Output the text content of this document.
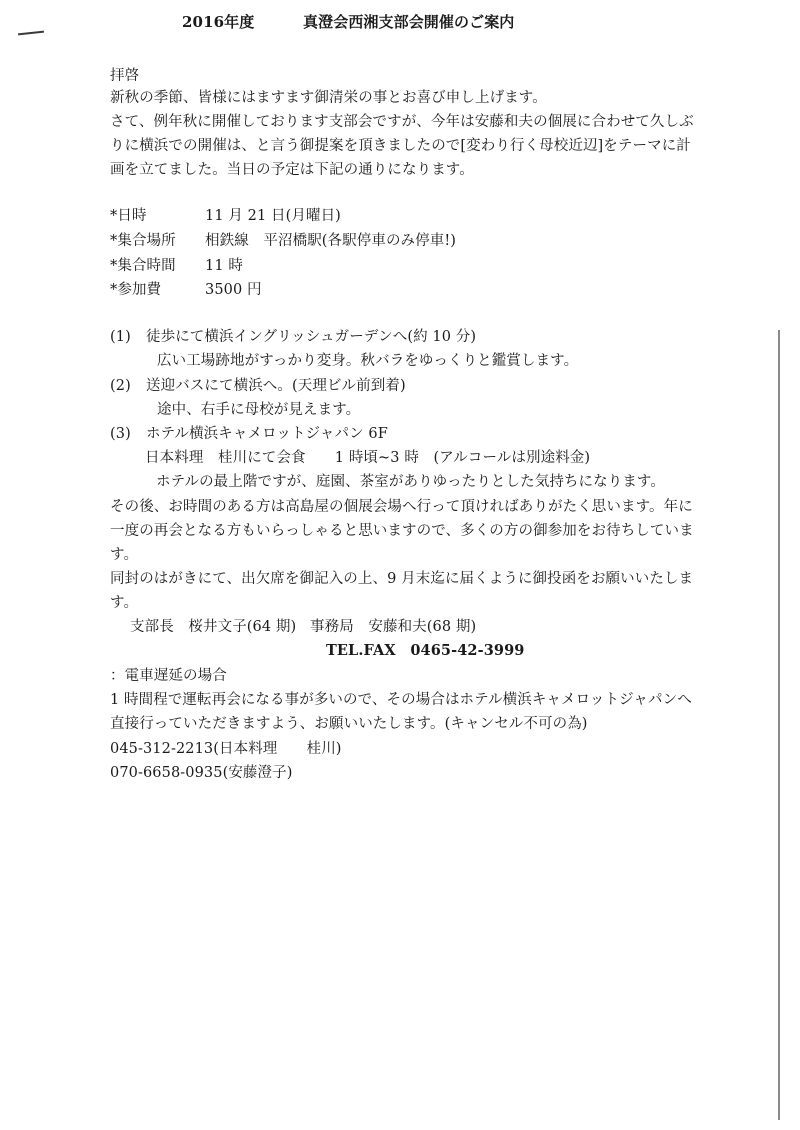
2016年度	真澄会西湘支部会開催のご案内
拝啓
新秋の季節、皆様にはますます御清栄の事とお喜び申し上げます。
さて、例年秋に開催しております支部会ですが、今年は安藤和夫の個展に合わせて久しぶ
りに横浜での開催は、と言う御提案を頂きましたので[変わり行く母校近辺]をテーマに計
画を立てました。当日の予定は下記の通りになります。
*日時	11 月 21 日(月曜日)
*集合場所 相鉄線　平沼橋駅(各駅停車のみ停車!)
*集合時間 11 時
*参加費	3500 円
(1) 徒歩にて横浜イングリッシュガーデンへ(約 10 分)
広い工場跡地がすっかり変身。秋バラをゆっくりと鑑賞します。
(2) 送迎バスにて横浜へ。(天理ビル前到着)
途中、右手に母校が見えます。
(3) ホテル横浜キャメロットジャパン 6F
日本料理　桂川にて会食　　1 時頃~3 時　(アルコールは別途料金)
ホテルの最上階ですが、庭園、茶室がありゆったりとした気持ちになります。
その後、お時間のある方は高島屋の個展会場へ行って頂ければありがたく思います。年に
一度の再会となる方もいらっしゃると思いますので、多くの方の御参加をお待ちしていま
す。
同封のはがきにて、出欠席を御記入の上、9 月末迄に届くように御投函をお願いいたしま
す。
支部長　桜井文子(64 期) 事務局　安藤和夫(68 期)
TEL.FAX　0465-42-3999
：電車遅延の場合
1 時間程で運転再会になる事が多いので、その場合はホテル横浜キャメロットジャパンへ
直接行っていただきますよう、お願いいたします。(キャンセル不可の為)
045-312-2213(日本料理　　桂川)
070-6658-0935(安藤澄子)
